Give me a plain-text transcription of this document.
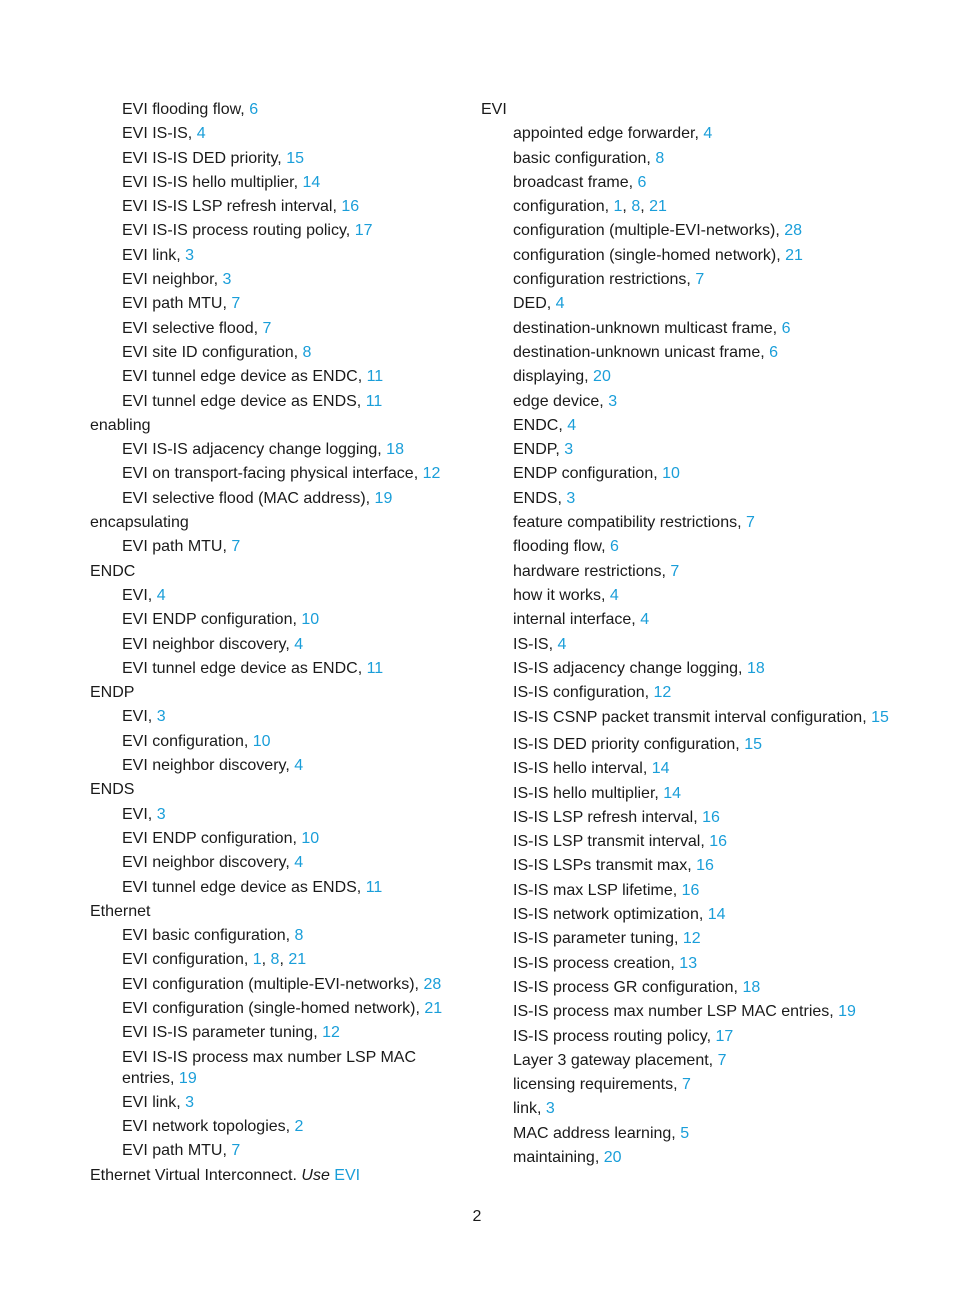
EVI flooding flow, 6
EVI IS-IS, 4
EVI IS-IS DED priority, 15
EVI IS-IS hello multiplier, 14
EVI IS-IS LSP refresh interval, 16
EVI IS-IS process routing policy, 17
EVI link, 3
EVI neighbor, 3
EVI path MTU, 7
EVI selective flood, 7
EVI site ID configuration, 8
EVI tunnel edge device as ENDC, 11
EVI tunnel edge device as ENDS, 11
enabling
EVI IS-IS adjacency change logging, 18
EVI on transport-facing physical interface, 12
EVI selective flood (MAC address), 19
encapsulating
EVI path MTU, 7
ENDC
EVI, 4
EVI ENDP configuration, 10
EVI neighbor discovery, 4
EVI tunnel edge device as ENDC, 11
ENDP
EVI, 3
EVI configuration, 10
EVI neighbor discovery, 4
ENDS
EVI, 3
EVI ENDP configuration, 10
EVI neighbor discovery, 4
EVI tunnel edge device as ENDS, 11
Ethernet
EVI basic configuration, 8
EVI configuration, 1, 8, 21
EVI configuration (multiple-EVI-networks), 28
EVI configuration (single-homed network), 21
EVI IS-IS parameter tuning, 12
EVI IS-IS process max number LSP MAC entries, 19
EVI link, 3
EVI network topologies, 2
EVI path MTU, 7
Ethernet Virtual Interconnect. Use EVI
EVI
appointed edge forwarder, 4
basic configuration, 8
broadcast frame, 6
configuration, 1, 8, 21
configuration (multiple-EVI-networks), 28
configuration (single-homed network), 21
configuration restrictions, 7
DED, 4
destination-unknown multicast frame, 6
destination-unknown unicast frame, 6
displaying, 20
edge device, 3
ENDC, 4
ENDP, 3
ENDP configuration, 10
ENDS, 3
feature compatibility restrictions, 7
flooding flow, 6
hardware restrictions, 7
how it works, 4
internal interface, 4
IS-IS, 4
IS-IS adjacency change logging, 18
IS-IS configuration, 12
IS-IS CSNP packet transmit interval configuration, 15
IS-IS DED priority configuration, 15
IS-IS hello interval, 14
IS-IS hello multiplier, 14
IS-IS LSP refresh interval, 16
IS-IS LSP transmit interval, 16
IS-IS LSPs transmit max, 16
IS-IS max LSP lifetime, 16
IS-IS network optimization, 14
IS-IS parameter tuning, 12
IS-IS process creation, 13
IS-IS process GR configuration, 18
IS-IS process max number LSP MAC entries, 19
IS-IS process routing policy, 17
Layer 3 gateway placement, 7
licensing requirements, 7
link, 3
MAC address learning, 5
maintaining, 20
2
